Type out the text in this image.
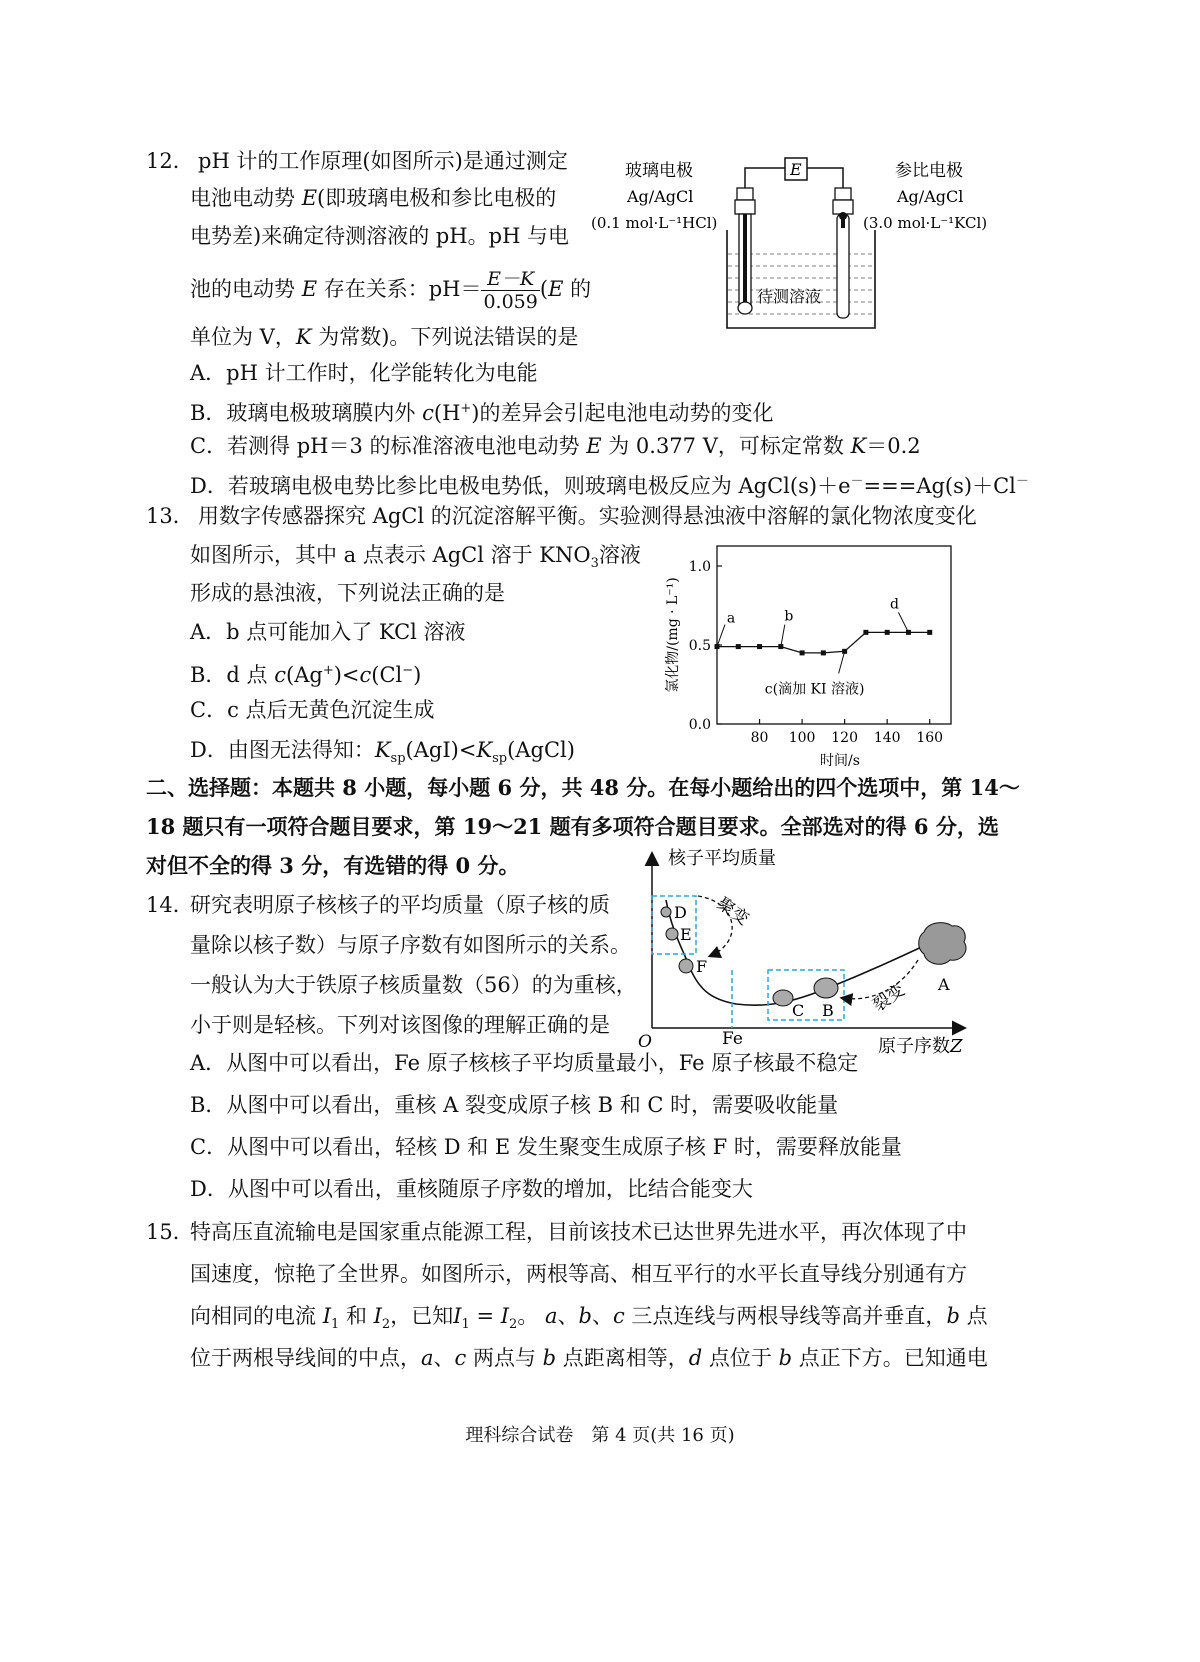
12． pH 计的工作原理(如图所示)是通过测定
电池电动势 E(即玻璃电极和参比电极的
电势差)来确定待测溶液的 pH。pH 与电
池的电动势 E 存在关系：$pH= \frac{E-K}{0.059} (E$ 的
单位为 V，K 为常数)。下列说法错误的是
A．pH 计工作时，化学能转化为电能
B．玻璃电极玻璃膜内外 c(H+)的差异会引起电池电动势的变化
C．若测得 pH＝3 的标准溶液电池电动势 E 为 0.377 V，可标定常数 K＝0.2
D．若玻璃电极电势比参比电极电势低，则玻璃电极反应为 AgCl(s)＋e－===Ag(s)＋Cl－
玻璃电极
Ag/AgCl
(0.1 mol·L⁻¹HCl)
参比电极
Ag/AgCl
(3.0 mol·L⁻¹KCl)
E
待测溶液
13． 用数字传感器探究 AgCl 的沉淀溶解平衡。实验测得悬浊液中溶解的氯化物浓度变化
如图所示，其中 a 点表示 AgCl 溶于 $KNO_3$溶液
形成的悬浊液，下列说法正确的是
A．b 点可能加入了 KCl 溶液
B．d 点 c(Ag+)<c(Cl−)
C．c 点后无黄色沉淀生成
D．由图无法得知：$K_{sp}(AgI)<K_{sp}(AgCl)$
0.0
0.5
1.0
80 100 120 140 160
a	b
c(滴加 KI 溶液)
d
时间/s
氯化物/(mg · L⁻¹)
二、选择题：本题共 8 小题，每小题 6 分，共 48 分。在每小题给出的四个选项中，第 14～
18 题只有一项符合题目要求，第 19～21 题有多项符合题目要求。全部选对的得 6 分，选
对但不全的得 3 分，有选错的得 0 分。
14．
研究表明原子核核子的平均质量（原子核的质
量除以核子数）与原子序数有如图所示的关系。
一般认为大于铁原子核质量数（56）的为重核，
小于则是轻核。下列对该图像的理解正确的是
A．从图中可以看出，Fe 原子核核子平均质量最小，Fe 原子核最不稳定
B．从图中可以看出，重核 A 裂变成原子核 B 和 C 时，需要吸收能量
C．从图中可以看出，轻核 D 和 E 发生聚变生成原子核 F 时，需要释放能量
D．从图中可以看出，重核随原子序数的增加，比结合能变大
核子平均质量
O	Fe	原子序数Z
D
E
F
C B
A
聚变
裂变
15．
特高压直流输电是国家重点能源工程，目前该技术已达世界先进水平，再次体现了中
国速度，惊艳了全世界。如图所示，两根等高、相互平行的水平长直导线分别通有方
向相同的电流 $I_1$ 和 $I_2$，已知$I_1 = I_2$。 a、b、c 三点连线与两根导线等高并垂直，b 点
位于两根导线间的中点，a、c 两点与 b 点距离相等，d 点位于 b 点正下方。已知通电
理科综合试卷　第 4 页(共 16 页)
